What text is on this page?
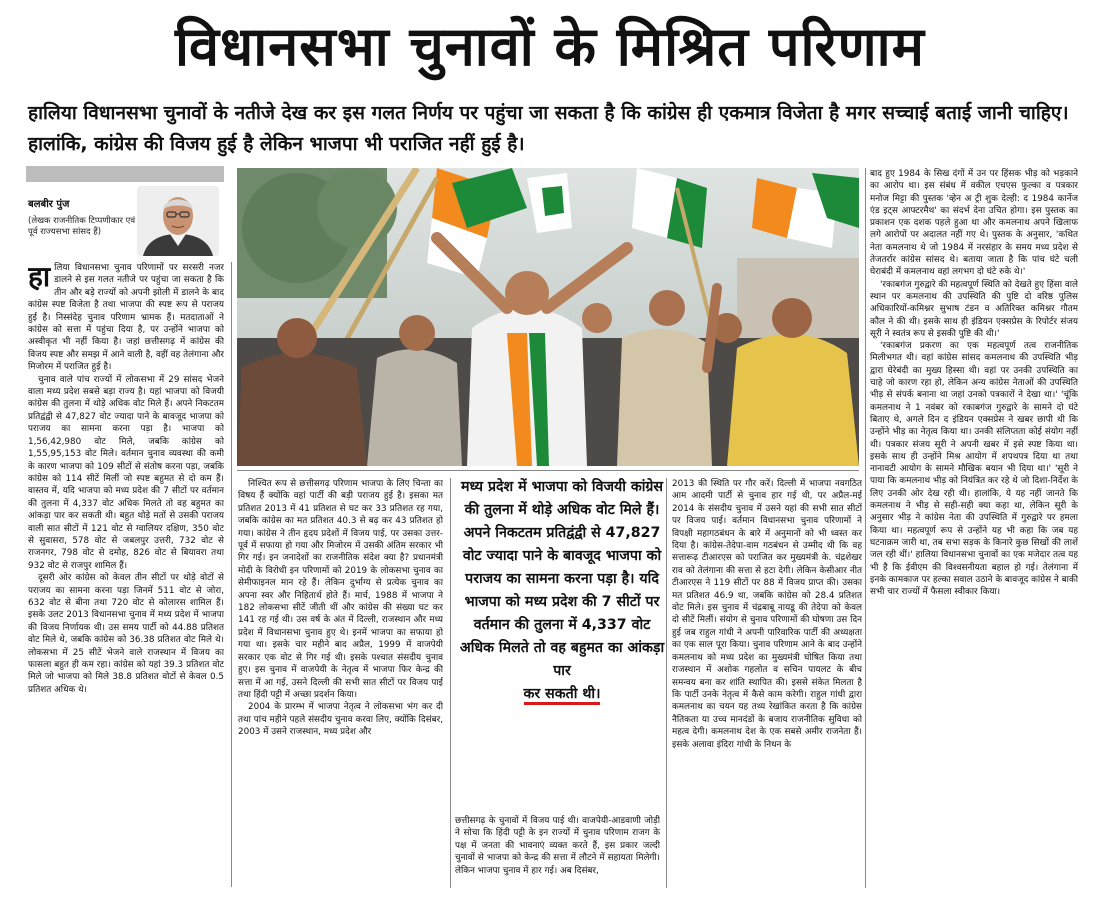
विधानसभा चुनावों के मिश्रित परिणाम
हालिया विधानसभा चुनावों के नतीजे देख कर इस गलत निर्णय पर पहुंचा जा सकता है कि कांग्रेस ही एकमात्र विजेता है मगर सच्चाई बताई जानी चाहिए। हालांकि, कांग्रेस की विजय हुई है लेकिन भाजपा भी पराजित नहीं हुई है।
बलबीर पुंज
(लेखक राजनीतिक टिप्पणीकार एवं पूर्व राज्यसभा सांसद हैं)
हा लिया विधानसभा चुनाव परिणामों पर सरसरी नजर डालने से इस गलत नतीजे पर पहुंचा जा सकता है कि तीन और बड़े राज्यों को अपनी झोली में डालने के बाद कांग्रेस स्पष्ट विजेता है तथा भाजपा की स्पष्ट रूप से पराजय हुई है। निस्संदेह चुनाव परिणाम भ्रामक हैं। मतदाताओं ने कांग्रेस को सत्ता में पहुंचा दिया है, पर उन्होंने भाजपा को अस्वीकृत भी नहीं किया है। जहां छत्तीसगढ़ में कांग्रेस की विजय स्पष्ट और समझ में आने वाली है, वहीं वह तेलंगाना और मिजोरम में पराजित हुई है।

चुनाव वाले पांच राज्यों में लोकसभा में 29 सांसद भेजने वाला मध्य प्रदेश सबसे बड़ा राज्य है। यहां भाजपा को विजयी कांग्रेस की तुलना में थोड़े अधिक वोट मिले हैं। अपने निकटतम प्रतिद्वंद्वी से 47,827 वोट ज्यादा पाने के बावजूद भाजपा को पराजय का सामना करना पड़ा है। भाजपा को 1,56,42,980 वोट मिले, जबकि कांग्रेस को 1,55,95,153 वोट मिले। वर्तमान चुनाव व्यवस्था की कमी के कारण भाजपा को 109 सीटों से संतोष करना पड़ा, जबकि कांग्रेस को 114 सीटें मिलीं जो स्पष्ट बहुमत से दो कम हैं। वास्तव में, यदि भाजपा को मध्य प्रदेश की 7 सीटों पर वर्तमान की तुलना में 4,337 वोट अधिक मिलते तो वह बहुमत का आंकड़ा पार कर सकती थी। बहुत थोड़े मतों से उसकी पराजय वाली सात सीटों में 121 वोट से ग्वालियर दक्षिण, 350 वोट से सुवासरा, 578 वोट से जबलपुर उत्तरी, 732 वोट से राजनगर, 798 वोट से दमोह, 826 वोट से बियावरा तथा 932 वोट से राजपुर शामिल हैं।

दूसरी ओर कांग्रेस को केवल तीन सीटों पर थोड़े वोटों से पराजय का सामना करना पड़ा जिनमें 511 वोट से जोरा, 632 वोट से बीना तथा 720 वोट से कोलारस शामिल हैं। इसके उलट 2013 विधानसभा चुनाव में मध्य प्रदेश में भाजपा की विजय निर्णायक थी। उस समय पार्टी को 44.88 प्रतिशत वोट मिले थे, जबकि कांग्रेस को 36.38 प्रतिशत वोट मिले थे। लोकसभा में 25 सीटें भेजने वाले राजस्थान में विजय का फासला बहुत ही कम रहा। कांग्रेस को यहां 39.3 प्रतिशत वोट मिले जो भाजपा को मिले 38.8 प्रतिशत वोटों से केवल 0.5 प्रतिशत अधिक थे।

निश्चित रूप से छत्तीसगढ़ परिणाम भाजपा के लिए चिन्ता का विषय हैं क्योंकि वहां पार्टी की बड़ी पराजय हुई है। इसका मत प्रतिशत 2013 में 41 प्रतिशत से घट कर 33 प्रतिशत रह गया, जबकि कांग्रेस का मत प्रतिशत 40.3 से बढ़ कर 43 प्रतिशत हो गया। कांग्रेस ने तीन हृदय प्रदेशों में विजय पाई, पर उसका उत्तर-पूर्व में सफाया हो गया और मिजोरम में उसकी अंतिम सरकार भी गिर गई। इन जनादेशों का राजनीतिक संदेश क्या है? प्रधानमंत्री मोदी के विरोधी इन परिणामों को 2019 के लोकसभा चुनाव का सेमीफाइनल मान रहे हैं। लेकिन दुर्भाग्य से प्रत्येक चुनाव का अपना स्वर और निहितार्थ होते हैं। मार्च, 1988 में भाजपा ने 182 लोकसभा सीटें जीती थीं और कांग्रेस की संख्या घट कर 141 रह गई थी। उस वर्ष के अंत में दिल्ली, राजस्थान और मध्य प्रदेश में विधानसभा चुनाव हुए थे। इनमें भाजपा का सफाया हो गया था। इसके चार महीने बाद अप्रैल, 1999 में वाजपेयी सरकार एक वोट से गिर गई थी। इसके पश्चात संसदीय चुनाव हुए। इस चुनाव में वाजपेयी के नेतृत्व में भाजपा फिर केन्द्र की सत्ता में आ गई, उसने दिल्ली की सभी सात सीटों पर विजय पाई तथा हिंदी पट्टी में अच्छा प्रदर्शन किया।

2004 के प्रारम्भ में भाजपा नेतृत्व ने लोकसभा भंग कर दी तथा पांच महीने पहले संसदीय चुनाव करवा लिए, क्योंकि दिसंबर, 2003 में उसने राजस्थान, मध्य प्रदेश और

मध्य प्रदेश में भाजपा को विजयी कांग्रेस की तुलना में थोड़े अधिक वोट मिले हैं। अपने निकटतम प्रतिद्वंद्वी से 47,827 वोट ज्यादा पाने के बावजूद भाजपा को पराजय का सामना करना पड़ा है। यदि भाजपा को मध्य प्रदेश की 7 सीटों पर वर्तमान की तुलना में 4,337 वोट अधिक मिलते तो वह बहुमत का आंकड़ा पार
कर सकती थी।

छत्तीसगढ़ के चुनावों में विजय पाई थी। वाजपेयी-आडवाणी जोड़ी ने सोचा कि हिंदी पट्टी के इन राज्यों में चुनाव परिणाम राजग के पक्ष में जनता की भावनाएं व्यक्त करते हैं, इस प्रकार जल्दी चुनावों से भाजपा को केन्द्र की सत्ता में लौटने में सहायता मिलेगी। लेकिन भाजपा चुनाव में हार गई। अब दिसंबर,

2013 की स्थिति पर गौर करें। दिल्ली में भाजपा नवगठित आम आदमी पार्टी से चुनाव हार गई थी, पर अप्रैल-मई 2014 के संसदीय चुनाव में उसने यहां की सभी सात सीटों पर विजय पाई। वर्तमान विधानसभा चुनाव परिणामों ने विपक्षी महागठबंधन के बारे में अनुमानों को भी ध्वस्त कर दिया है। कांग्रेस-तेदेपा-वाम गठबंधन से उम्मीद थी कि वह सत्तारूढ़ टीआरएस को पराजित कर मुख्यमंत्री के. चंद्रशेखर राव को तेलंगाना की सत्ता से हटा देगी। लेकिन केसीआर नीत टीआरएस ने 119 सीटों पर 88 में विजय प्राप्त की। उसका मत प्रतिशत 46.9 था, जबकि कांग्रेस को 28.4 प्रतिशत वोट मिले। इस चुनाव में चंद्रबाबू नायडू की तेदेपा को केवल दो सीटें मिलीं। संयोग से चुनाव परिणामों की घोषणा उस दिन हुई जब राहुल गांधी ने अपनी पारिवारिक पार्टी की अध्यक्षता का एक साल पूरा किया। चुनाव परिणाम आने के बाद उन्होंने कमलनाथ को मध्य प्रदेश का मुख्यमंत्री घोषित किया तथा राजस्थान में अशोक गहलोत व सचिन पायलट के बीच समन्वय बना कर शांति स्थापित की। इससे संकेत मिलता है कि पार्टी उनके नेतृत्व में कैसे काम करेगी। राहुल गांधी द्वारा कमलनाथ का चयन यह तथ्य रेखांकित करता है कि कांग्रेस नैतिकता या उच्च मानदंडों के बजाय राजनीतिक सुविधा को महत्व देगी। कमलनाथ देश के एक सबसे अमीर राजनेता हैं। इसके अलावा इंदिरा गांधी के निधन के

बाद हुए 1984 के सिख दंगों में उन पर हिंसक भीड़ को भड़काने का आरोप था। इस संबंध में वकील एचएस फुल्का व पत्रकार मनोज मिट्टा की पुस्तक 'व्हेन अ ट्री शुक देल्ही: द 1984 कार्नेज एंड इट्स आफ्टरमैथ' का संदर्भ देना उचित होगा। इस पुस्तक का प्रकाशन एक दशक पहले हुआ था और कमलनाथ अपने खिलाफ लगे आरोपों पर अदालत नहीं गए थे। पुस्तक के अनुसार, 'कथित नेता कमलनाथ थे जो 1984 में नरसंहार के समय मध्य प्रदेश से तेजतर्रार कांग्रेस सांसद थे। बताया जाता है कि पांच घंटे चली घेराबंदी में कमलनाथ वहां लगभग दो घंटे रुके थे।'

'रकाबगंज गुरुद्वारे की महत्वपूर्ण स्थिति को देखते हुए हिंसा वाले स्थान पर कमलनाथ की उपस्थिति की पुष्टि दो वरिष्ठ पुलिस अधिकारियों-कमिश्नर सुभाष टंडन व अतिरिक्त कमिश्नर गौतम कौल ने की थी। इसके साथ ही इंडियन एक्सप्रेस के रिपोर्टर संजय सूरी ने स्वतंत्र रूप से इसकी पुष्टि की थी।'

'रकाबगंज प्रकरण का एक महत्वपूर्ण तत्व राजनीतिक मिलीभगत थी। वहां कांग्रेस सांसद कमलनाथ की उपस्थिति भीड़ द्वारा घेरेबंदी का मुख्य हिस्सा थी। वहां पर उनकी उपस्थिति का चाहे जो कारण रहा हो, लेकिन अन्य कांग्रेस नेताओं की उपस्थिति भीड़ से संपर्क बनाना था जहां उनको पत्रकारों ने देखा था।' 'चूंकि कमलनाथ ने 1 नवंबर को रकाबगंज गुरुद्वारे के सामने दो घंटे बिताए थे, अगले दिन द इंडियन एक्सप्रेस ने खबर छापी थी कि उन्होंने भीड़ का नेतृत्व किया था। उनकी संलिप्तता कोई संयोग नहीं थी। पत्रकार संजय सूरी ने अपनी खबर में इसे स्पष्ट किया था। इसके साथ ही उन्होंने मिश्र आयोग में शपथपत्र दिया था तथा नानावटी आयोग के सामने मौखिक बयान भी दिया था।' 'सूरी ने पाया कि कमलनाथ भीड़ को नियंत्रित कर रहे थे जो दिशा-निर्देश के लिए उनकी ओर देख रही थी। हालांकि, ये यह नहीं जानते कि कमलनाथ ने भीड़ से सही-सही क्या कहा था, लेकिन सूरी के अनुसार भीड़ ने कांग्रेस नेता की उपस्थिति में गुरुद्वारे पर हमला किया था। महत्वपूर्ण रूप से उन्होंने यह भी कहा कि जब यह घटनाक्रम जारी था, तब सभा सड़क के किनारे कुछ सिखों की लाशें जल रही थीं।' हालिया विधानसभा चुनावों का एक मजेदार तत्व यह भी है कि ईवीएम की विश्वसनीयता बहाल हो गई। तेलंगाना में इनके कामकाज पर हल्का सवाल उठाने के बावजूद कांग्रेस ने बाकी सभी चार राज्यों में फैसला स्वीकार किया।
